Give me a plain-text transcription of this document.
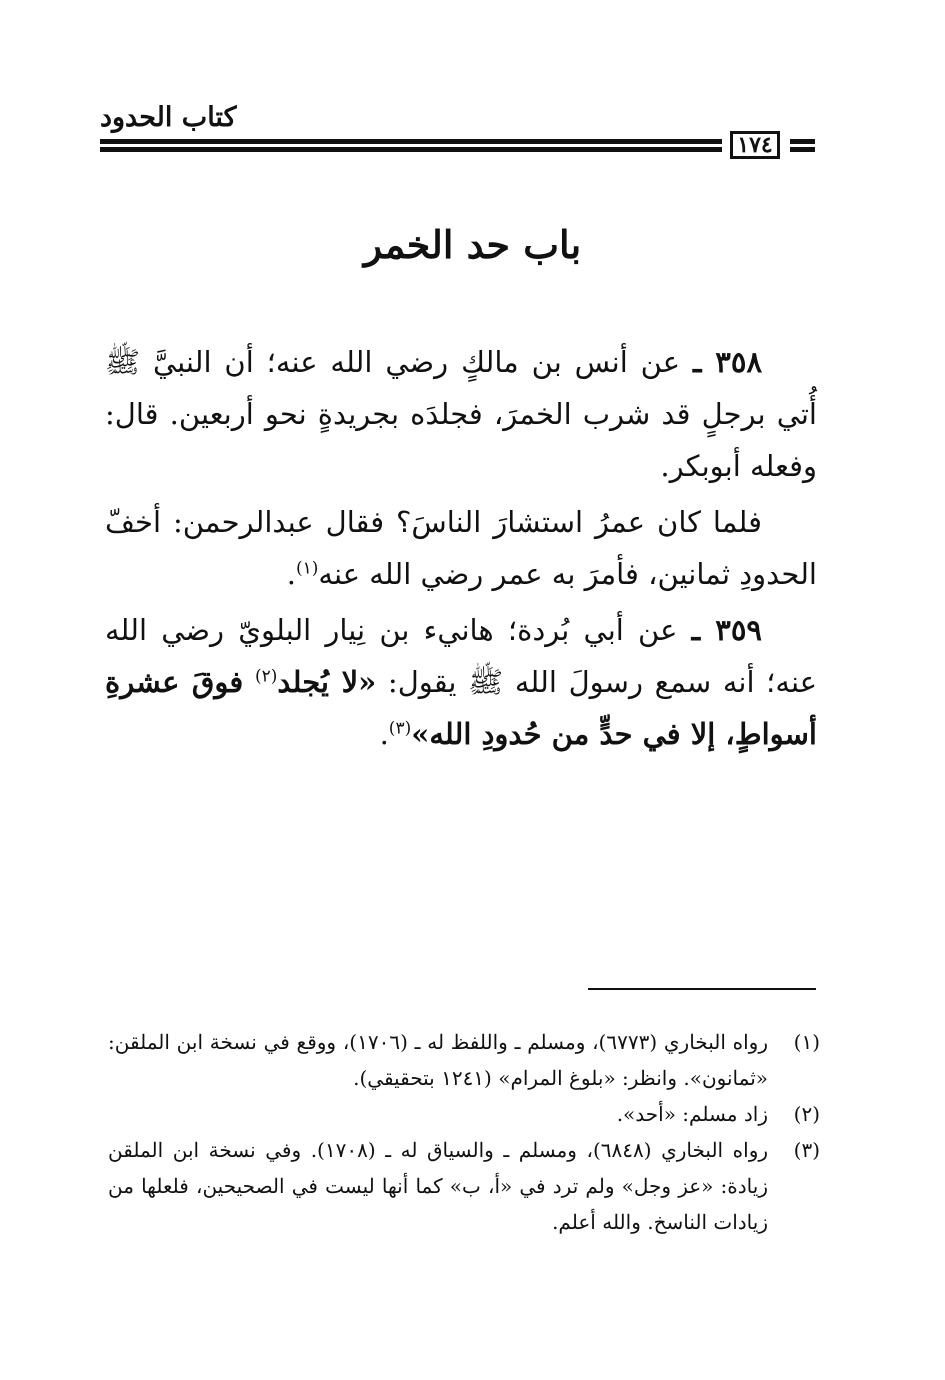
كتاب الحدود
١٧٤
باب حد الخمر

٣٥٨ ـ عن أنس بن مالكٍ رضي الله عنه؛ أن النبيَّ ﷺ أُتي برجلٍ قد شرب الخمرَ، فجلدَه بجريدةٍ نحو أربعين. قال: وفعله أبوبكر.

فلما كان عمرُ استشارَ الناسَ؟ فقال عبدالرحمن: أخفّ الحدودِ ثمانين، فأمرَ به عمر رضي الله عنه$^{(١)}$.

٣٥٩ ـ عن أبي بُردة؛ هانيء بن نِيار البلويّ رضي الله عنه؛ أنه سمع رسولَ الله ﷺ يقول: «لا يُجلد$^{(٢)}$ فوقَ عشرةِ أسواطٍ، إلا في حدٍّ من حُدودِ الله»$^{(٣)}$.

(١)
رواه البخاري (٦٧٧٣)، ومسلم ـ واللفظ له ـ (١٧٠٦)، ووقع في نسخة ابن الملقن: «ثمانون». وانظر: «بلوغ المرام» (١٢٤١ بتحقيقي).
(٢)
زاد مسلم: «أحد».
(٣)
رواه البخاري (٦٨٤٨)، ومسلم ـ والسياق له ـ (١٧٠٨). وفي نسخة ابن الملقن زيادة: «عز وجل» ولم ترد في «أ، ب» كما أنها ليست في الصحيحين، فلعلها من زيادات الناسخ. والله أعلم.
